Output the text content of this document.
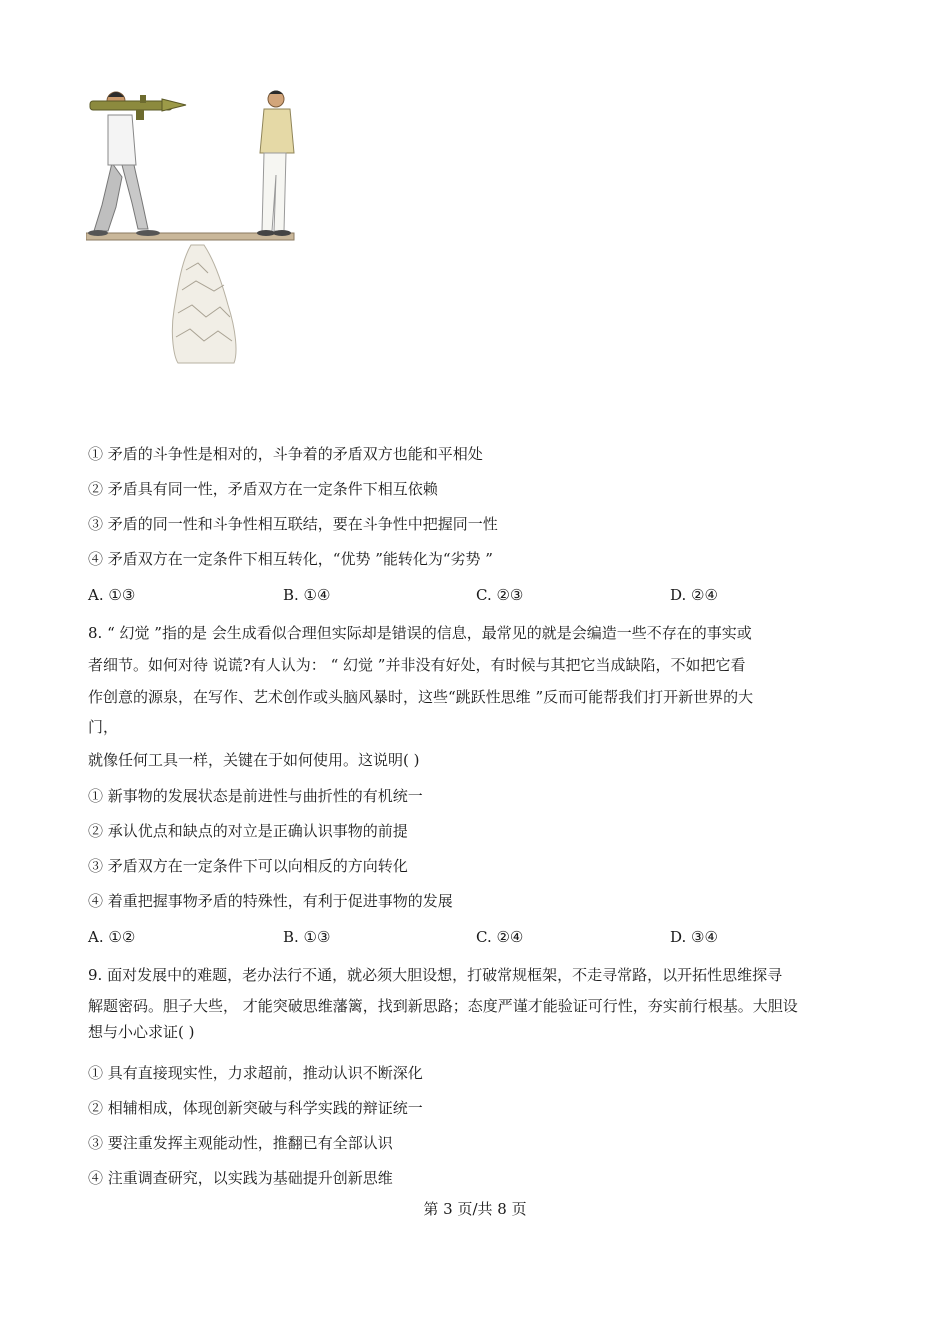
① 矛盾的斗争性是相对的，斗争着的矛盾双方也能和平相处
② 矛盾具有同一性，矛盾双方在一定条件下相互依赖
③ 矛盾的同一性和斗争性相互联结，要在斗争性中把握同一性
④ 矛盾双方在一定条件下相互转化，“优势 ”能转化为“劣势 ”
A. ①③	B. ①④	C. ②③	D. ②④
8. “ 幻觉 ”指的是 会生成看似合理但实际却是错误的信息，最常见的就是会编造一些不存在的事实或
者细节。如何对待 说谎?有人认为： “ 幻觉 ”并非没有好处，有时候与其把它当成缺陷，不如把它看
作创意的源泉，在写作、艺术创作或头脑风暴时，这些“跳跃性思维 ”反而可能帮我们打开新世界的大
门，
就像任何工具一样，关键在于如何使用。这说明( )
① 新事物的发展状态是前进性与曲折性的有机统一
② 承认优点和缺点的对立是正确认识事物的前提
③ 矛盾双方在一定条件下可以向相反的方向转化
④ 着重把握事物矛盾的特殊性，有利于促进事物的发展
A. ①②	B. ①③	C. ②④	D. ③④
9. 面对发展中的难题，老办法行不通，就必须大胆设想，打破常规框架，不走寻常路，以开拓性思维探寻
解题密码。胆子大些， 才能突破思维藩篱，找到新思路；态度严谨才能验证可行性，夯实前行根基。大胆设
想与小心求证( )
① 具有直接现实性，力求超前，推动认识不断深化
② 相辅相成，体现创新突破与科学实践的辩证统一
③ 要注重发挥主观能动性，推翻已有全部认识
④ 注重调查研究，以实践为基础提升创新思维
第 3 页/共 8 页
